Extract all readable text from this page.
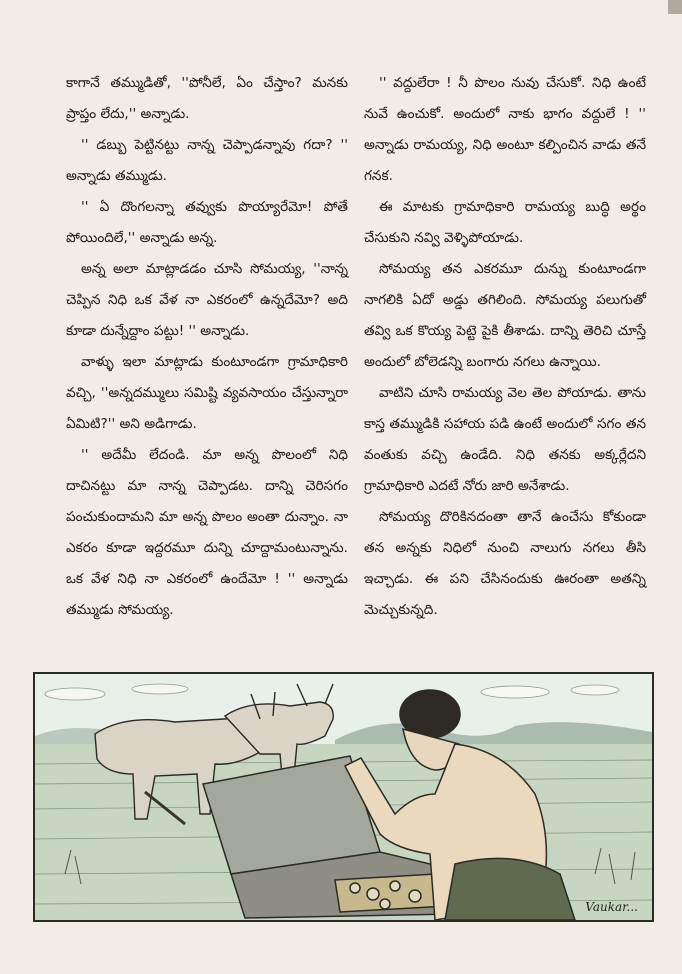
కాగానే తమ్ముడితో, ''పోనీలే, ఏం చేస్తాం? మనకు ప్రాప్తం లేదు,'' అన్నాడు.

'' డబ్బు పెట్టినట్టు నాన్న చెప్పాడన్నావు గదా? '' అన్నాడు తమ్ముడు.

'' ఏ దొంగలన్నా తవ్వుకు పొయ్యారేమో! పోతే పోయిందిలే,'' అన్నాడు అన్న.

అన్న అలా మాట్లాడడం చూసి సోమయ్య, ''నాన్న చెప్పిన నిధి ఒక వేళ నా ఎకరంలో ఉన్నదేమో? అది కూడా దున్నేద్దాం పట్టు! '' అన్నాడు.

వాళ్ళు ఇలా మాట్లాడు కుంటూండగా గ్రామాధికారి వచ్చి, ''అన్నదమ్ములు సమిష్టి వ్యవసాయం చేస్తున్నారా ఏమిటి?'' అని అడిగాడు.

'' అదేమీ లేదండి. మా అన్న పొలంలో నిధి దాచినట్టు మా నాన్న చెప్పాడట. దాన్ని చెరిసగం పంచుకుందామని మా అన్న పొలం అంతా దున్నాం. నా ఎకరం కూడా ఇద్దరమూ దున్ని చూద్దామంటున్నాను. ఒక వేళ నిధి నా ఎకరంలో ఉందేమో ! '' అన్నాడు తమ్ముడు సోమయ్య.

'' వద్దులేరా ! నీ పొలం నువు చేసుకో. నిధి ఉంటే నువే ఉంచుకో. అందులో నాకు భాగం వద్దులే ! '' అన్నాడు రామయ్య, నిధి అంటూ కల్పించిన వాడు తనే గనక.

ఈ మాటకు గ్రామాధికారి రామయ్య బుద్ధి అర్థం చేసుకుని నవ్వి వెళ్ళిపోయాడు.

సోమయ్య తన ఎకరమూ దున్ను కుంటూండగా నాగలికి ఏదో అడ్డు తగిలింది. సోమయ్య పలుగుతో తవ్వి ఒక కొయ్య పెట్టె పైకి తీశాడు. దాన్ని తెరిచి చూస్తే అందులో బోలెడన్ని బంగారు నగలు ఉన్నాయి.

వాటిని చూసి రామయ్య వెల తెల పోయాడు. తాను కాస్త తమ్ముడికి సహాయ పడి ఉంటే అందులో సగం తన వంతుకు వచ్చి ఉండేది. నిధి తనకు అక్కర్లేదని గ్రామాధికారి ఎదటే నోరు జారి అనేశాడు.

సోమయ్య దొరికినదంతా తానే ఉంచేసు కోకుండా తన అన్నకు నిధిలో నుంచి నాలుగు నగలు తీసి ఇచ్చాడు. ఈ పని చేసినందుకు ఊరంతా అతన్ని మెచ్చుకున్నది.

Vaukar...
